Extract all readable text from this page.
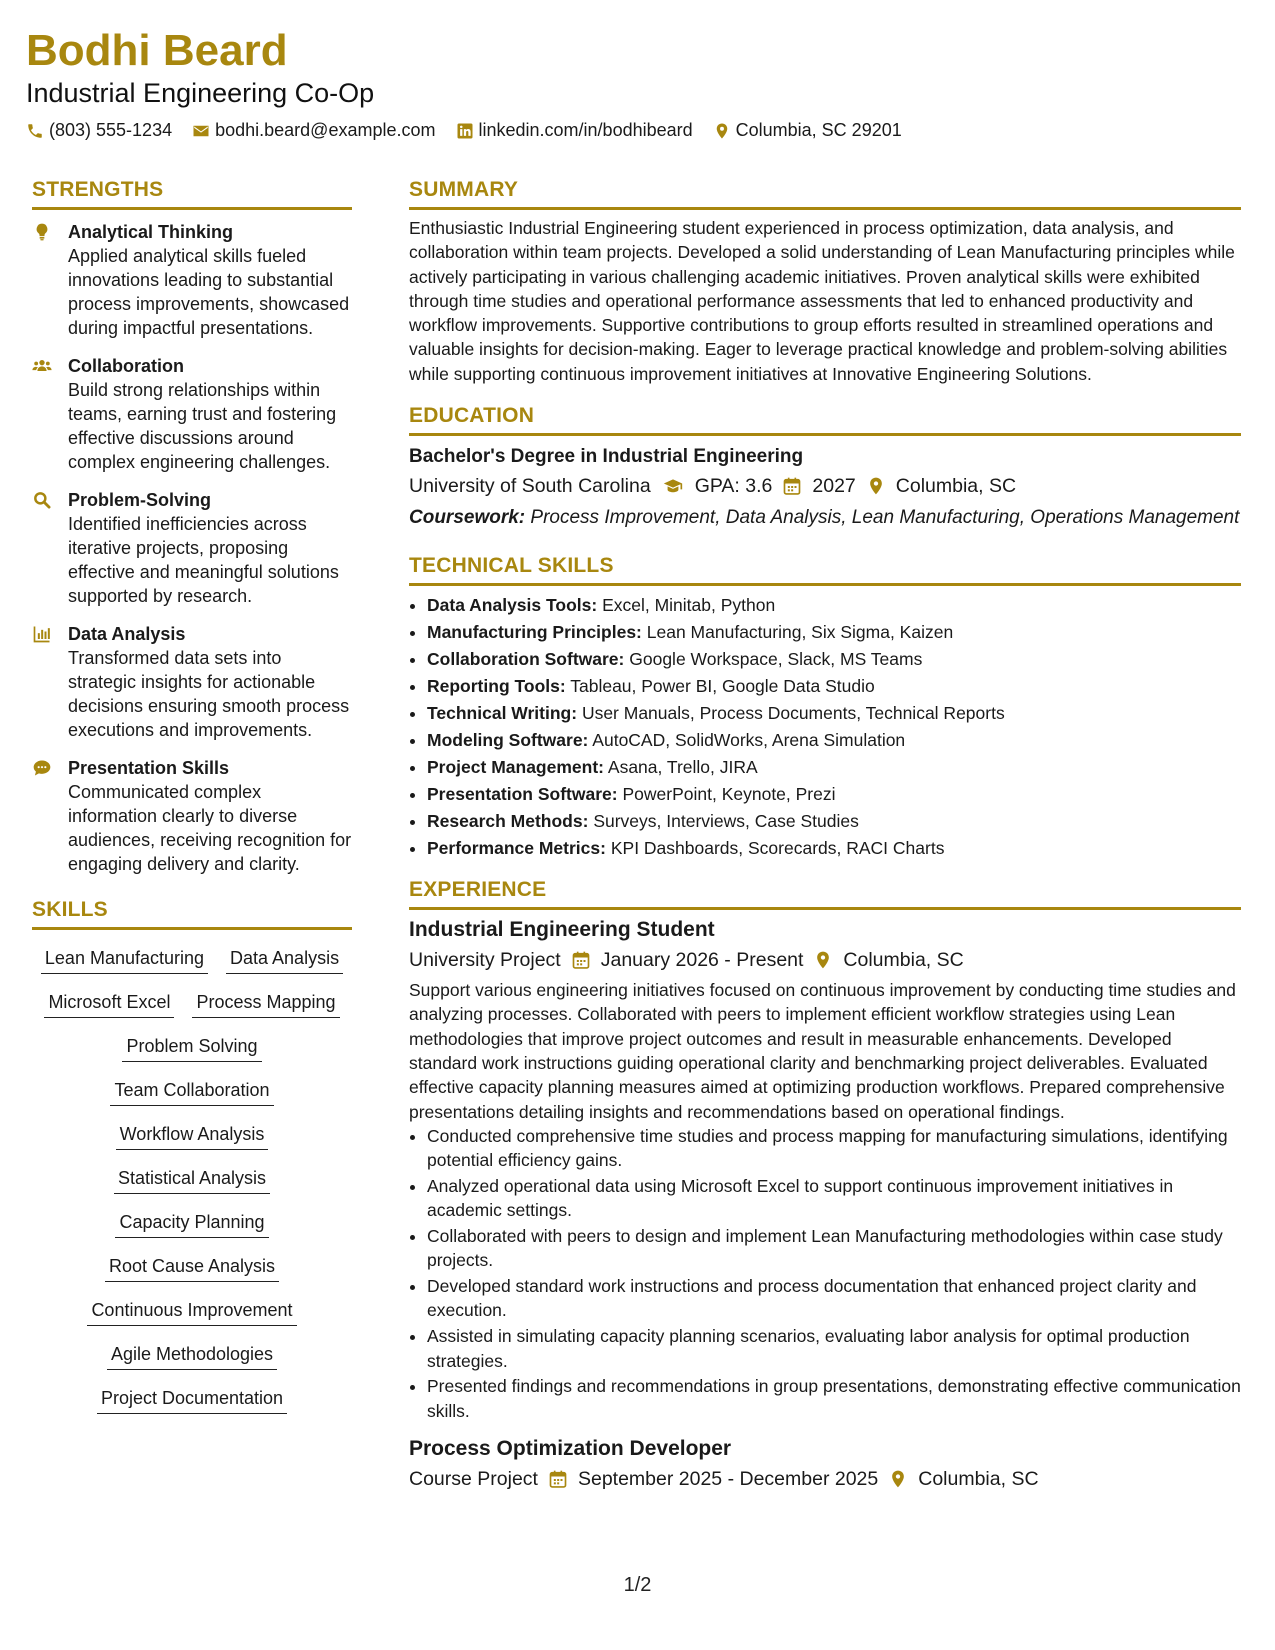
Bodhi Beard
Industrial Engineering Co-Op
(803) 555-1234 bodhi.beard@example.com linkedin.com/in/bodhibeard Columbia, SC 29201
STRENGTHS
Analytical Thinking
Applied analytical skills fueled innovations leading to substantial process improvements, showcased during impactful presentations.
Collaboration
Build strong relationships within teams, earning trust and fostering effective discussions around complex engineering challenges.
Problem-Solving
Identified inefficiencies across iterative projects, proposing effective and meaningful solutions supported by research.
Data Analysis
Transformed data sets into strategic insights for actionable decisions ensuring smooth process executions and improvements.
Presentation Skills
Communicated complex information clearly to diverse audiences, receiving recognition for engaging delivery and clarity.
SKILLS
Lean Manufacturing Data Analysis
Microsoft Excel Process Mapping
Problem Solving
Team Collaboration
Workflow Analysis
Statistical Analysis
Capacity Planning
Root Cause Analysis
Continuous Improvement
Agile Methodologies
Project Documentation
SUMMARY
Enthusiastic Industrial Engineering student experienced in process optimization, data analysis, and collaboration within team projects. Developed a solid understanding of Lean Manufacturing principles while actively participating in various challenging academic initiatives. Proven analytical skills were exhibited through time studies and operational performance assessments that led to enhanced productivity and workflow improvements. Supportive contributions to group efforts resulted in streamlined operations and valuable insights for decision-making. Eager to leverage practical knowledge and problem-solving abilities while supporting continuous improvement initiatives at Innovative Engineering Solutions.
EDUCATION
Bachelor's Degree in Industrial Engineering
University of South Carolina GPA: 3.6 2027 Columbia, SC
Coursework: Process Improvement, Data Analysis, Lean Manufacturing, Operations Management
TECHNICAL SKILLS
• Data Analysis Tools: Excel, Minitab, Python
• Manufacturing Principles: Lean Manufacturing, Six Sigma, Kaizen
• Collaboration Software: Google Workspace, Slack, MS Teams
• Reporting Tools: Tableau, Power BI, Google Data Studio
• Technical Writing: User Manuals, Process Documents, Technical Reports
• Modeling Software: AutoCAD, SolidWorks, Arena Simulation
• Project Management: Asana, Trello, JIRA
• Presentation Software: PowerPoint, Keynote, Prezi
• Research Methods: Surveys, Interviews, Case Studies
• Performance Metrics: KPI Dashboards, Scorecards, RACI Charts
EXPERIENCE
Industrial Engineering Student
University Project January 2026 - Present Columbia, SC
Support various engineering initiatives focused on continuous improvement by conducting time studies and analyzing processes. Collaborated with peers to implement efficient workflow strategies using Lean methodologies that improve project outcomes and result in measurable enhancements. Developed standard work instructions guiding operational clarity and benchmarking project deliverables. Evaluated effective capacity planning measures aimed at optimizing production workflows. Prepared comprehensive presentations detailing insights and recommendations based on operational findings.
• Conducted comprehensive time studies and process mapping for manufacturing simulations, identifying potential efficiency gains.
• Analyzed operational data using Microsoft Excel to support continuous improvement initiatives in academic settings.
• Collaborated with peers to design and implement Lean Manufacturing methodologies within case study projects.
• Developed standard work instructions and process documentation that enhanced project clarity and execution.
• Assisted in simulating capacity planning scenarios, evaluating labor analysis for optimal production strategies.
• Presented findings and recommendations in group presentations, demonstrating effective communication skills.
Process Optimization Developer
Course Project September 2025 - December 2025 Columbia, SC
1/2
